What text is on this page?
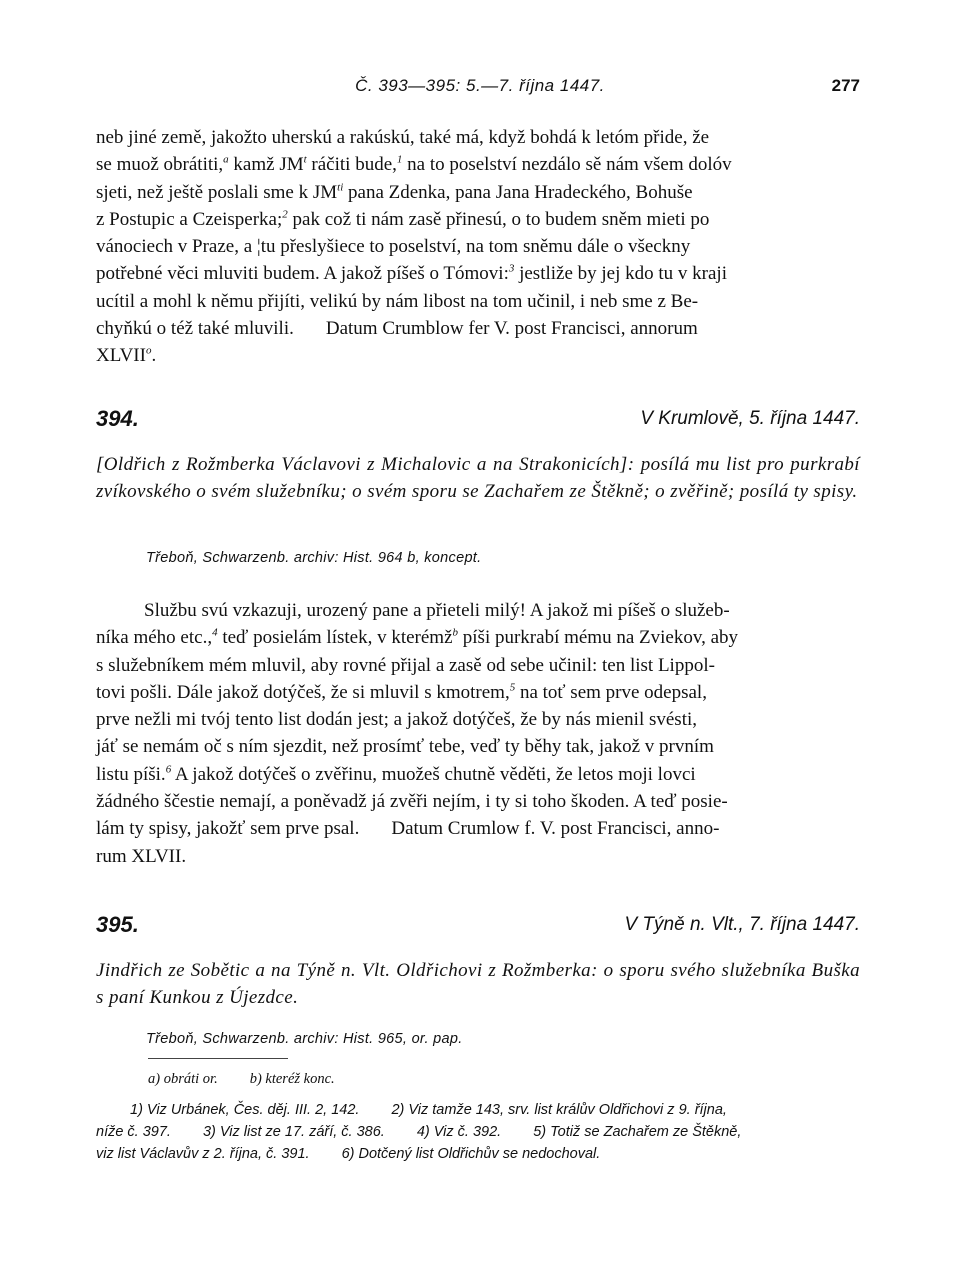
Č. 393—395: 5.—7. října 1447.	277

neb jiné země, jakožto uherskú a rakúskú, také má, když bohdá k letóm přide, že

se muož obrátiti,$^a$ kamž $JM^t$ ráčiti bude,$^1$ na to poselství nezdálo sě nám všem dolóv

sjeti, než ještě poslali sme k $JM^{ti}$ pana Zdenka, pana Jana Hradeckého, Bohuše

z Postupic a Czeisperka;$^2$ pak což ti nám zasě přinesú, o to budem sněm mieti po

vánociech v Praze, a ¦tu přeslyšiece to poselství, na tom sněmu dále o všeckny

potřebné věci mluviti budem. A jakož píšeš o Tómovi:$^3$ jestliže by jej kdo tu v kraji

ucítil a mohl k němu přijíti, velikú by nám libost na tom učinil, i neb sme z Be-

chyňkú o též také mluvili. Datum Crumblow fer V. post Francisci, annorum

XLVII$^o$.

394.	V Krumlově, 5. října 1447.
[Oldřich z Rožmberka Václavovi z Michalovic a na Strakonicích]: posílá mu list pro purkrabí zvíkovského o svém služebníku; o svém sporu se Zachařem ze Štěkně; o zvěřině; posílá ty spisy.
Třeboň, Schwarzenb. archiv: Hist. 964 b, koncept.

Službu svú vzkazuji, urozený pane a přieteli milý! A jakož mi píšeš o služeb-

níka mého etc.,$^4$ teď posielám lístek, v kterémž$^b$ píši purkrabí mému na Zviekov, aby

s služebníkem mém mluvil, aby rovné přijal a zasě od sebe učinil: ten list Lippol-

tovi pošli. Dále jakož dotýčeš, že si mluvil s kmotrem,$^5$ na toť sem prve odepsal,

prve nežli mi tvój tento list dodán jest; a jakož dotýčeš, že by nás mienil svésti,

jáť se nemám oč s ním sjezdit, než prosímť tebe, veď ty běhy tak, jakož v prvním

listu píši.$^6$ A jakož dotýčeš o zvěřinu, muožeš chutně věděti, že letos moji lovci

žádného ščestie nemají, a poněvadž já zvěři nejím, i ty si toho škoden. A teď posie-

lám ty spisy, jakožť sem prve psal. Datum Crumlow f. V. post Francisci, anno-

rum XLVII.

395.	V Týně n. Vlt., 7. října 1447.
Jindřich ze Sobětic a na Týně n. Vlt. Oldřichovi z Rožmberka: o sporu svého služebníka Buška s paní Kunkou z Újezdce.
Třeboň, Schwarzenb. archiv: Hist. 965, or. pap.
a) obráti or. b) kteréž konc.

1) Viz Urbánek, Čes. děj. III. 2, 142. 2) Viz tamže 143, srv. list králův Oldřichovi z 9. října,

níže č. 397. 3) Viz list ze 17. září, č. 386. 4) Viz č. 392. 5) Totiž se Zachařem ze Štěkně,

viz list Václavův z 2. října, č. 391. 6) Dotčený list Oldřichův se nedochoval.
